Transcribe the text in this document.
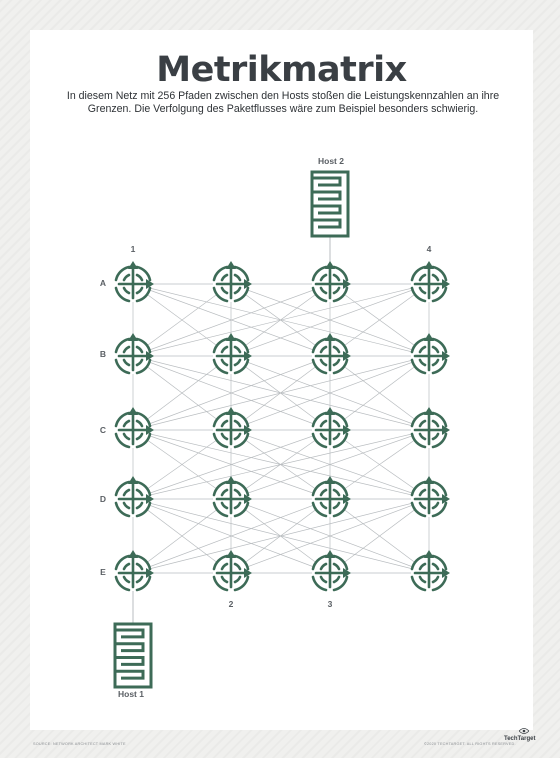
Metrikmatrix

In diesem Netz mit 256 Pfaden zwischen den Hosts stoßen die Leistungskennzahlen an ihre Grenzen. Die Verfolgung des Paketflusses wäre zum Beispiel besonders schwierig.

Host 2
Host 1
1	4
2	3
A
B
C
D
E
SOURCE: NETWORK ARCHITECT MARK WHITE	©2020 TECHTARGET. ALL RIGHTS RESERVED.
TechTarget
